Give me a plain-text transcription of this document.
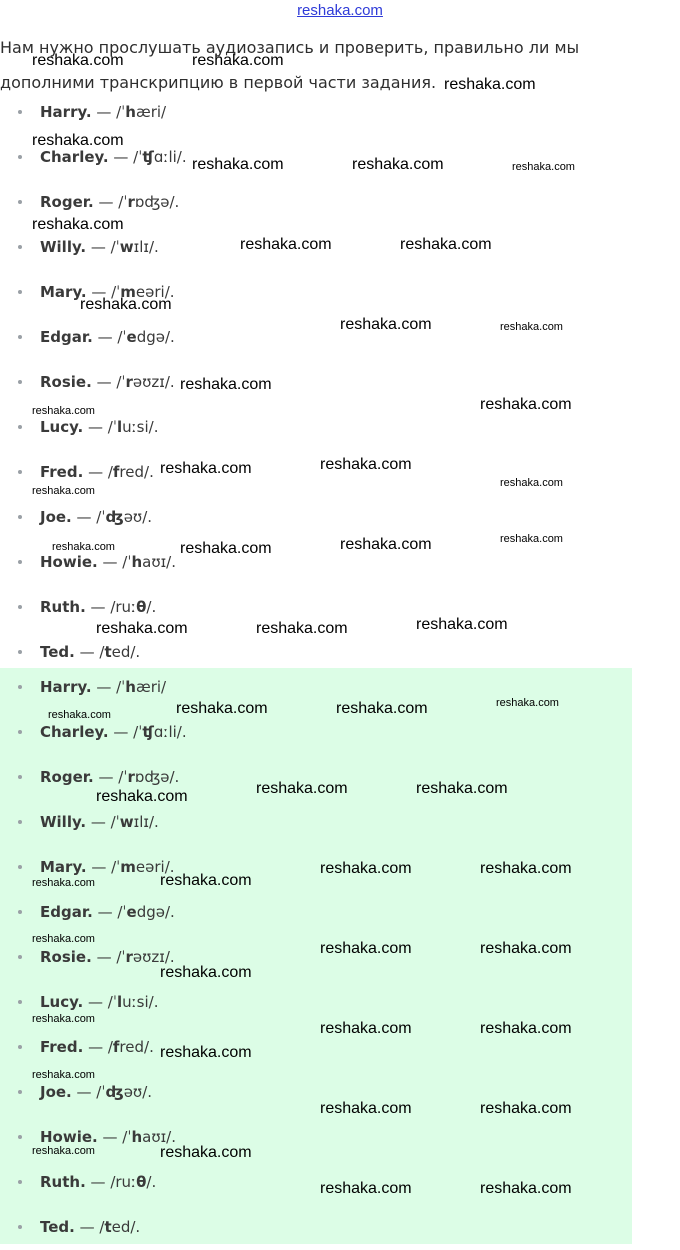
reshaka.com
Нам нужно прослушать аудиозапись и проверить, правильно ли мы дополними транскрипцию в первой части задания.
Harry. — /ˈhæri/
Charley. — /ˈʧɑːli/.
Roger. — /ˈrɒʤə/.
Willy. — /ˈwɪlɪ/.
Mary. — /ˈmeəri/.
Edgar. — /ˈedgə/.
Rosie. — /ˈrəʊzɪ/.
Lucy. — /ˈluːsi/.
Fred. — /fred/.
Joe. — /ˈʤəʊ/.
Howie. — /ˈhaʊɪ/.
Ruth. — /ruːθ/.
Ted. — /ted/.
Harry. — /ˈhæri/
Charley. — /ˈʧɑːli/.
Roger. — /ˈrɒʤə/.
Willy. — /ˈwɪlɪ/.
Mary. — /ˈmeəri/.
Edgar. — /ˈedgə/.
Rosie. — /ˈrəʊzɪ/.
Lucy. — /ˈluːsi/.
Fred. — /fred/.
Joe. — /ˈʤəʊ/.
Howie. — /ˈhaʊɪ/.
Ruth. — /ruːθ/.
Ted. — /ted/.
reshaka.com	reshaka.com
reshaka.com
reshaka.com
reshaka.com	reshaka.com	reshaka.com
reshaka.com
reshaka.com	reshaka.com
reshaka.com
reshaka.com	reshaka.com
reshaka.com
reshaka.com
reshaka.com
reshaka.com
reshaka.com
reshaka.com
reshaka.com
reshaka.com	reshaka.com
reshaka.com	reshaka.com
reshaka.com
reshaka.com	reshaka.com
reshaka.com
reshaka.com	reshaka.com
reshaka.com
reshaka.com	reshaka.com
reshaka.com
reshaka.com	reshaka.com
reshaka.com
reshaka.com
reshaka.com
reshaka.com	reshaka.com
reshaka.com
reshaka.com
reshaka.com	reshaka.com
reshaka.com
reshaka.com
reshaka.com	reshaka.com
reshaka.com	reshaka.com
reshaka.com	reshaka.com
